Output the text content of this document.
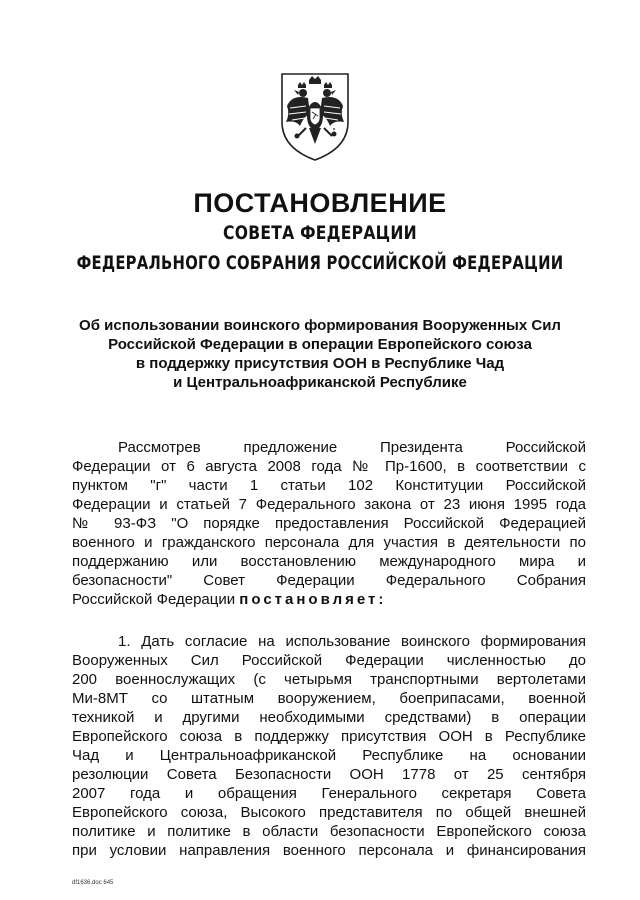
ПОСТАНОВЛЕНИЕ
СОВЕТА ФЕДЕРАЦИИ
ФЕДЕРАЛЬНОГО СОБРАНИЯ РОССИЙСКОЙ ФЕДЕРАЦИИ
Об использовании воинского формирования Вооруженных Сил
Российской Федерации в операции Европейского союза
в поддержку присутствия ООН в Республике Чад
и Центральноафриканской Республике
Рассмотрев предложение Президента Российской
Федерации от 6 августа 2008 года № Пр-1600, в соответствии с
пунктом "г" части 1 статьи 102 Конституции Российской
Федерации и статьей 7 Федерального закона от 23 июня 1995 года
№ 93-ФЗ "О порядке предоставления Российской Федерацией
военного и гражданского персонала для участия в деятельности по
поддержанию или восстановлению международного мира и
безопасности" Совет Федерации Федерального Собрания
Российской Федерации постановляет:
1. Дать согласие на использование воинского формирования
Вооруженных Сил Российской Федерации численностью до
200 военнослужащих (с четырьмя транспортными вертолетами
Ми-8МТ со штатным вооружением, боеприпасами, военной
техникой и другими необходимыми средствами) в операции
Европейского союза в поддержку присутствия ООН в Республике
Чад и Центральноафриканской Республике на основании
резолюции Совета Безопасности ООН 1778 от 25 сентября
2007 года и обращения Генерального секретаря Совета
Европейского союза, Высокого представителя по общей внешней
политике и политике в области безопасности Европейского союза
при условии направления военного персонала и финансирования
df1636.doc 645
